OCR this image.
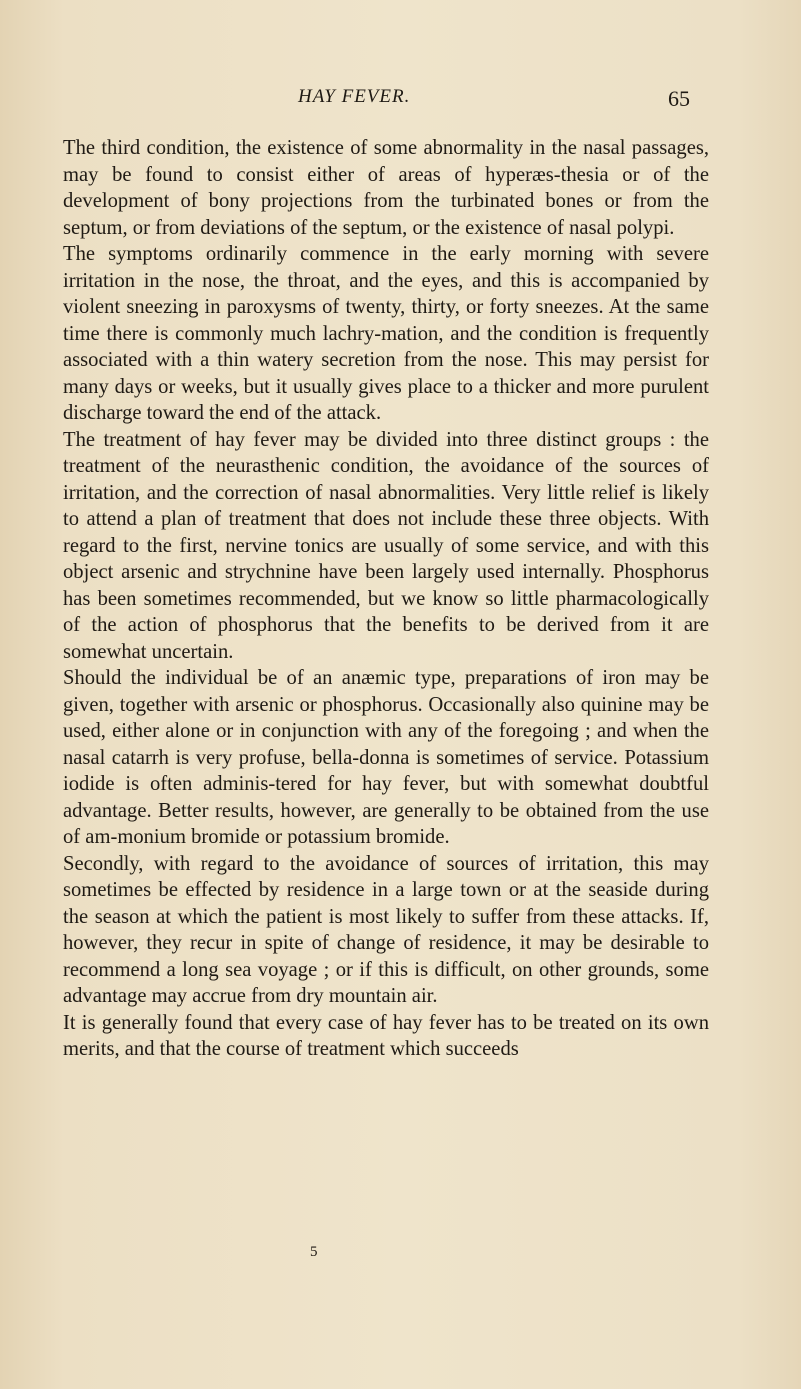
HAY FEVER.	65

The third condition, the existence of some abnormality in the nasal passages, may be found to consist either of areas of hyperæs-thesia or of the development of bony projections from the turbinated bones or from the septum, or from deviations of the septum, or the existence of nasal polypi.

The symptoms ordinarily commence in the early morning with severe irritation in the nose, the throat, and the eyes, and this is accompanied by violent sneezing in paroxysms of twenty, thirty, or forty sneezes. At the same time there is commonly much lachry-mation, and the condition is frequently associated with a thin watery secretion from the nose. This may persist for many days or weeks, but it usually gives place to a thicker and more purulent discharge toward the end of the attack.

The treatment of hay fever may be divided into three distinct groups : the treatment of the neurasthenic condition, the avoidance of the sources of irritation, and the correction of nasal abnormalities. Very little relief is likely to attend a plan of treatment that does not include these three objects. With regard to the first, nervine tonics are usually of some service, and with this object arsenic and strychnine have been largely used internally. Phosphorus has been sometimes recommended, but we know so little pharmacologically of the action of phosphorus that the benefits to be derived from it are somewhat uncertain.

Should the individual be of an anæmic type, preparations of iron may be given, together with arsenic or phosphorus. Occasionally also quinine may be used, either alone or in conjunction with any of the foregoing ; and when the nasal catarrh is very profuse, bella-donna is sometimes of service. Potassium iodide is often adminis-tered for hay fever, but with somewhat doubtful advantage. Better results, however, are generally to be obtained from the use of am-monium bromide or potassium bromide.

Secondly, with regard to the avoidance of sources of irritation, this may sometimes be effected by residence in a large town or at the seaside during the season at which the patient is most likely to suffer from these attacks. If, however, they recur in spite of change of residence, it may be desirable to recommend a long sea voyage ; or if this is difficult, on other grounds, some advantage may accrue from dry mountain air.

It is generally found that every case of hay fever has to be treated on its own merits, and that the course of treatment which succeeds

5
